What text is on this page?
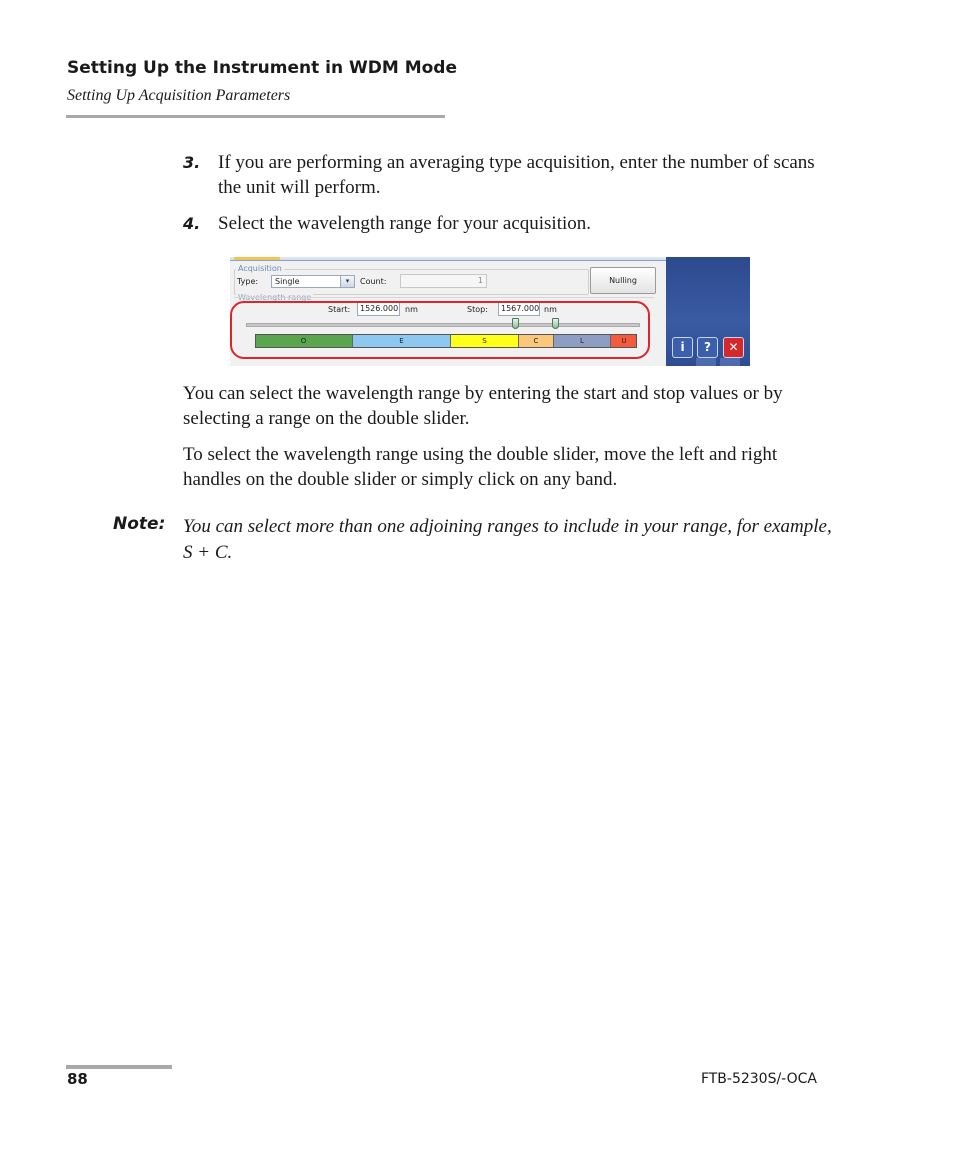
Setting Up the Instrument in WDM Mode
Setting Up Acquisition Parameters
3. If you are performing an averaging type acquisition, enter the number of scans the unit will perform.
4. Select the wavelength range for your acquisition.
Acquisition
Type:	Single	▾	Count:	1	Nulling
Start:	1526.000 nm	Stop:	1567.000 nm
O	E	S	C	L	U	i	?	✕
You can select the wavelength range by entering the start and stop values or by selecting a range on the double slider.
To select the wavelength range using the double slider, move the left and right handles on the double slider or simply click on any band.
Note: You can select more than one adjoining ranges to include in your range, for example, S + C.
88	FTB-5230S/-OCA
